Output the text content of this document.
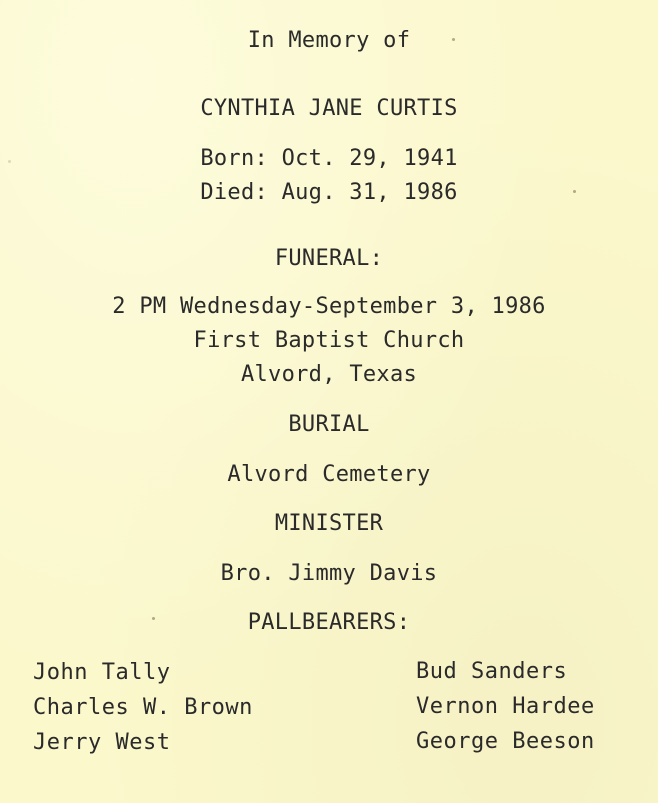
In Memory of
CYNTHIA JANE CURTIS
Born: Oct. 29, 1941
Died: Aug. 31, 1986
FUNERAL:
2 PM Wednesday-September 3, 1986
First Baptist Church
Alvord, Texas
BURIAL
Alvord Cemetery
MINISTER
Bro. Jimmy Davis
PALLBEARERS:
John Tally
Charles W. Brown
Jerry West
Bud Sanders
Vernon Hardee
George Beeson
